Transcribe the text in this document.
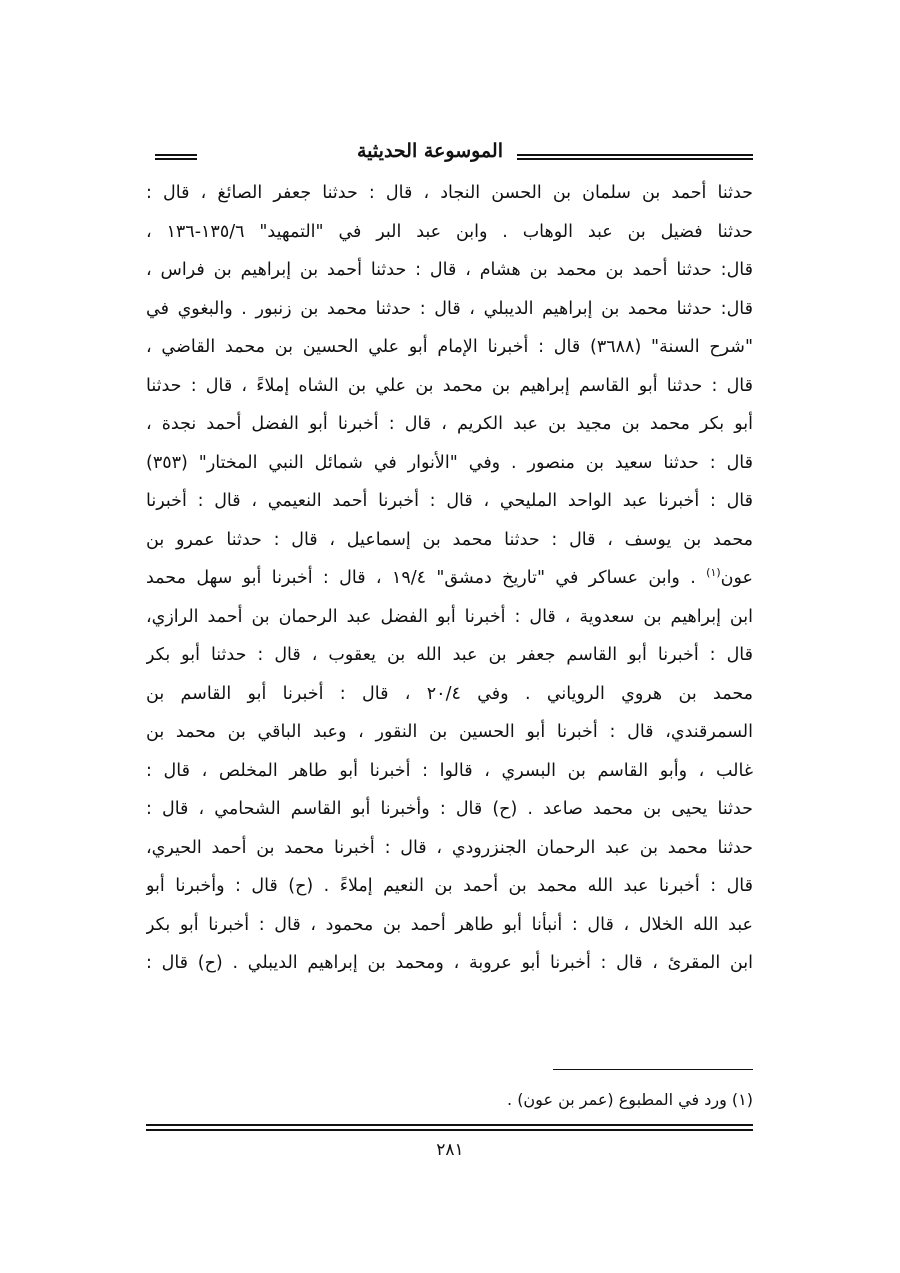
الموسوعة الحديثية
حدثنا أحمد بن سلمان بن الحسن النجاد ، قال : حدثنا جعفر الصائغ ، قال :
حدثنا فضيل بن عبد الوهاب . وابن عبد البر في "التمهيد" ١٣٥/٦-١٣٦ ،
قال: حدثنا أحمد بن محمد بن هشام ، قال : حدثنا أحمد بن إبراهيم بن فراس ،
قال: حدثنا محمد بن إبراهيم الديبلي ، قال : حدثنا محمد بن زنبور . والبغوي في
"شرح السنة" (٣٦٨٨) قال : أخبرنا الإمام أبو علي الحسين بن محمد القاضي ،
قال : حدثنا أبو القاسم إبراهيم بن محمد بن علي بن الشاه إملاءً ، قال : حدثنا
أبو بكر محمد بن مجيد بن عبد الكريم ، قال : أخبرنا أبو الفضل أحمد نجدة ،
قال : حدثنا سعيد بن منصور . وفي "الأنوار في شمائل النبي المختار" (٣٥٣)
قال : أخبرنا عبد الواحد المليحي ، قال : أخبرنا أحمد النعيمي ، قال : أخبرنا
محمد بن يوسف ، قال : حدثنا محمد بن إسماعيل ، قال : حدثنا عمرو بن
عون$^{(١)}$ . وابن عساكر في "تاريخ دمشق" ١٩/٤ ، قال : أخبرنا أبو سهل محمد
ابن إبراهيم بن سعدوية ، قال : أخبرنا أبو الفضل عبد الرحمان بن أحمد الرازي،
قال : أخبرنا أبو القاسم جعفر بن عبد الله بن يعقوب ، قال : حدثنا أبو بكر
محمد بن هروي الروياني . وفي ٢٠/٤ ، قال : أخبرنا أبو القاسم بن
السمرقندي، قال : أخبرنا أبو الحسين بن النقور ، وعبد الباقي بن محمد بن
غالب ، وأبو القاسم بن البسري ، قالوا : أخبرنا أبو طاهر المخلص ، قال :
حدثنا يحيى بن محمد صاعد . (ح) قال : وأخبرنا أبو القاسم الشحامي ، قال :
حدثنا محمد بن عبد الرحمان الجنزرودي ، قال : أخبرنا محمد بن أحمد الحيري،
قال : أخبرنا عبد الله محمد بن أحمد بن النعيم إملاءً . (ح) قال : وأخبرنا أبو
عبد الله الخلال ، قال : أنبأنا أبو طاهر أحمد بن محمود ، قال : أخبرنا أبو بكر
ابن المقرئ ، قال : أخبرنا أبو عروبة ، ومحمد بن إبراهيم الديبلي . (ح) قال :
(١) ورد في المطبوع (عمر بن عون) .
٢٨١
